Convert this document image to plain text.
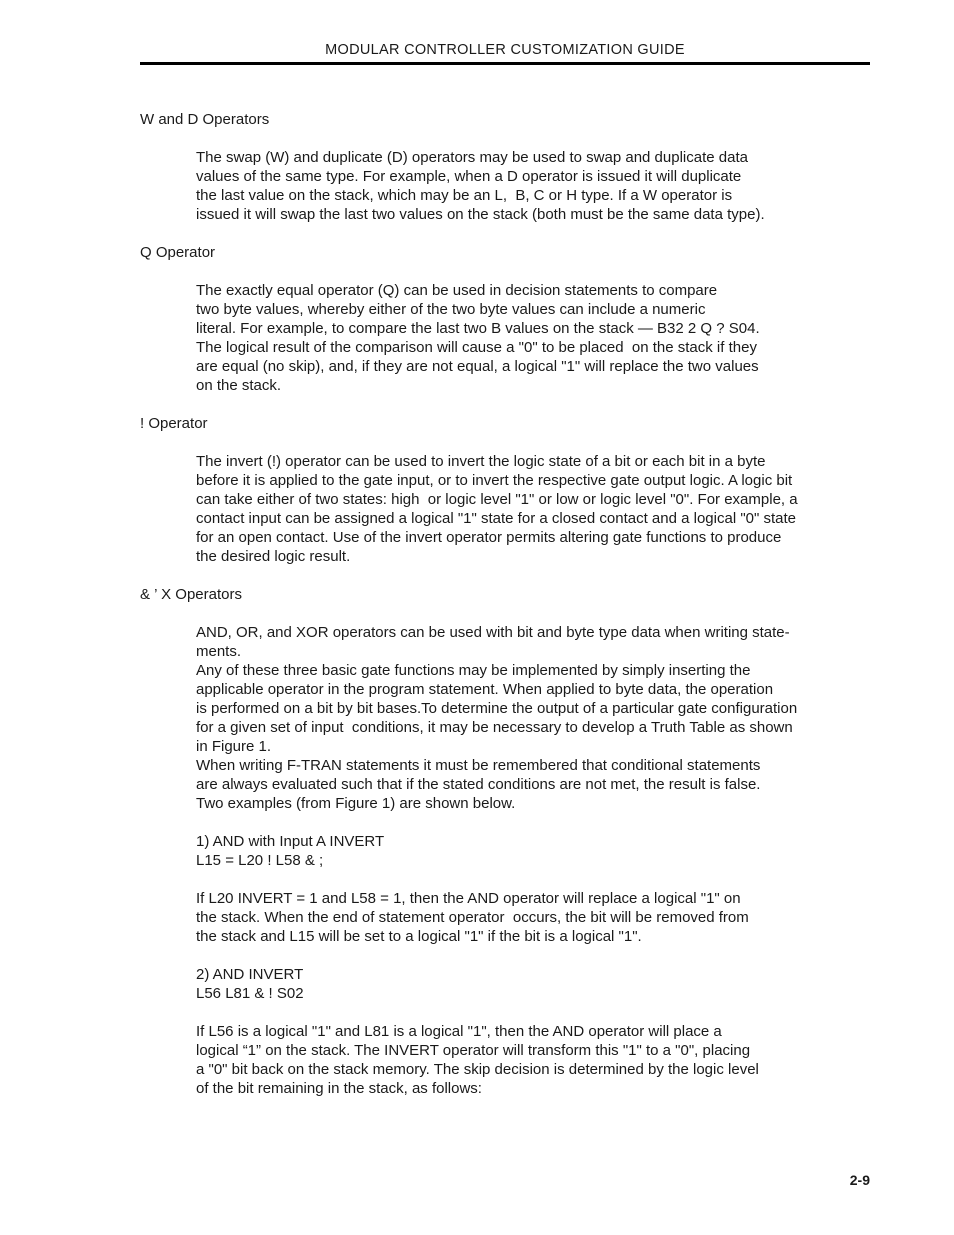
MODULAR CONTROLLER CUSTOMIZATION GUIDE
W and D Operators
The swap (W) and duplicate (D) operators may be used to swap and duplicate data
values of the same type. For example, when a D operator is issued it will duplicate
the last value on the stack, which may be an L,  B, C or H type. If a W operator is
issued it will swap the last two values on the stack (both must be the same data type).
Q Operator
The exactly equal operator (Q) can be used in decision statements to compare
two byte values, whereby either of the two byte values can include a numeric
literal. For example, to compare the last two B values on the stack — B32 2 Q ? S04.
The logical result of the comparison will cause a "0" to be placed  on the stack if they
are equal (no skip), and, if they are not equal, a logical "1" will replace the two values
on the stack.
! Operator
The invert (!) operator can be used to invert the logic state of a bit or each bit in a byte
before it is applied to the gate input, or to invert the respective gate output logic. A logic bit
can take either of two states: high  or logic level "1" or low or logic level "0". For example, a
contact input can be assigned a logical "1" state for a closed contact and a logical "0" state
for an open contact. Use of the invert operator permits altering gate functions to produce
the desired logic result.
& ’ X Operators
AND, OR, and XOR operators can be used with bit and byte type data when writing state-
ments.
Any of these three basic gate functions may be implemented by simply inserting the
applicable operator in the program statement. When applied to byte data, the operation
is performed on a bit by bit bases.To determine the output of a particular gate configuration
for a given set of input  conditions, it may be necessary to develop a Truth Table as shown
in Figure 1.
When writing F-TRAN statements it must be remembered that conditional statements
are always evaluated such that if the stated conditions are not met, the result is false.
Two examples (from Figure 1) are shown below.
1) AND with Input A INVERT
L15 = L20 ! L58 & ;
If L20 INVERT = 1 and L58 = 1, then the AND operator will replace a logical "1" on
the stack. When the end of statement operator  occurs, the bit will be removed from
the stack and L15 will be set to a logical "1" if the bit is a logical "1".
2) AND INVERT
L56 L81 & ! S02
If L56 is a logical "1" and L81 is a logical "1", then the AND operator will place a
logical “1” on the stack. The INVERT operator will transform this "1" to a "0", placing
a "0" bit back on the stack memory. The skip decision is determined by the logic level
of the bit remaining in the stack, as follows:
2-9
